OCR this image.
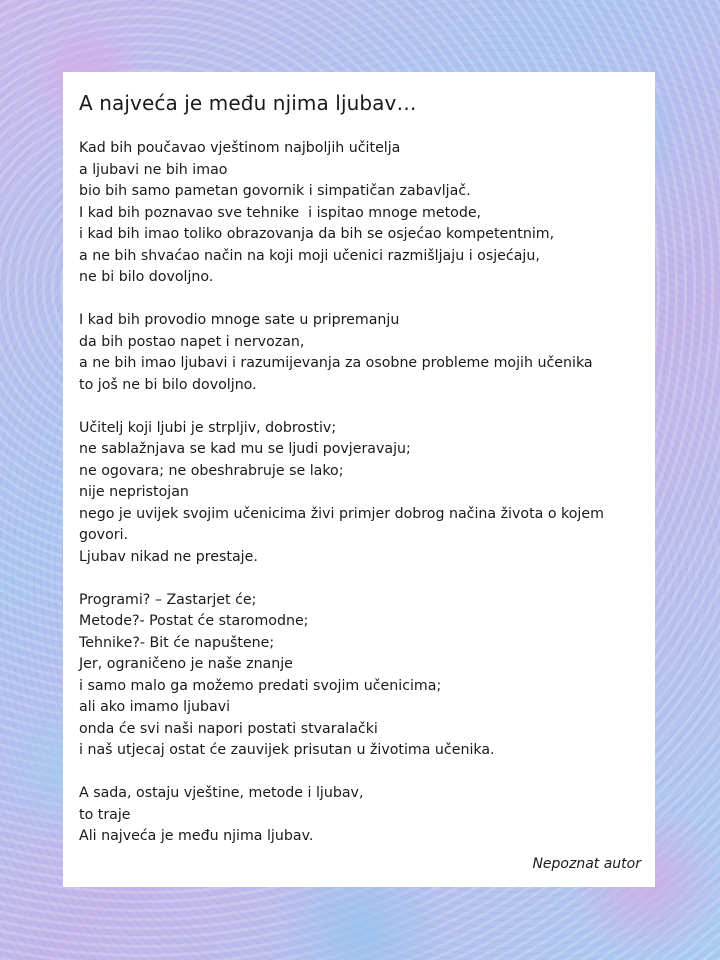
A najveća je među njima ljubav…
Kad bih poučavao vještinom najboljih učitelja
a ljubavi ne bih imao
bio bih samo pametan govornik i simpatičan zabavljač.
I kad bih poznavao sve tehnike  i ispitao mnoge metode,
i kad bih imao toliko obrazovanja da bih se osjećao kompetentnim,
a ne bih shvaćao način na koji moji učenici razmišljaju i osjećaju,
ne bi bilo dovoljno.
I kad bih provodio mnoge sate u pripremanju
da bih postao napet i nervozan,
a ne bih imao ljubavi i razumijevanja za osobne probleme mojih učenika
to još ne bi bilo dovoljno.
Učitelj koji ljubi je strpljiv, dobrostiv;
ne sablažnjava se kad mu se ljudi povjeravaju;
ne ogovara; ne obeshrabruje se lako;
nije nepristojan
nego je uvijek svojim učenicima živi primjer dobrog načina života o kojem govori.
Ljubav nikad ne prestaje.
Programi? – Zastarjet će;
Metode?- Postat će staromodne;
Tehnike?- Bit će napuštene;
Jer, ograničeno je naše znanje
i samo malo ga možemo predati svojim učenicima;
ali ako imamo ljubavi
onda će svi naši napori postati stvaralački
i naš utjecaj ostat će zauvijek prisutan u životima učenika.
A sada, ostaju vještine, metode i ljubav,
to traje
Ali najveća je među njima ljubav.
Nepoznat autor
